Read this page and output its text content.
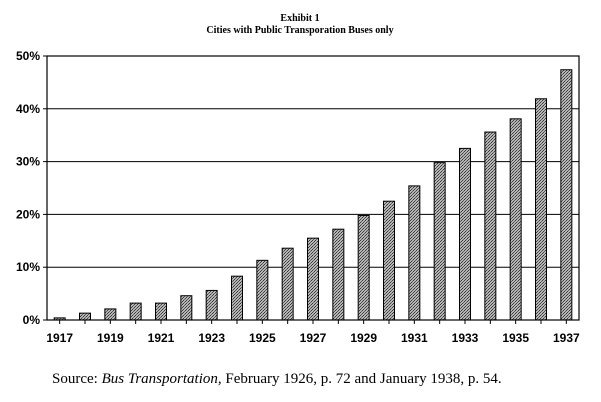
Exhibit 1
Cities with Public Transporation Buses only
0%
10%
20%
30%
40%
50%
1917 1919 1921 1923 1925 1927 1929 1931 1933 1935 1937
Source: Bus Transportation, February 1926, p. 72 and January 1938, p. 54.
